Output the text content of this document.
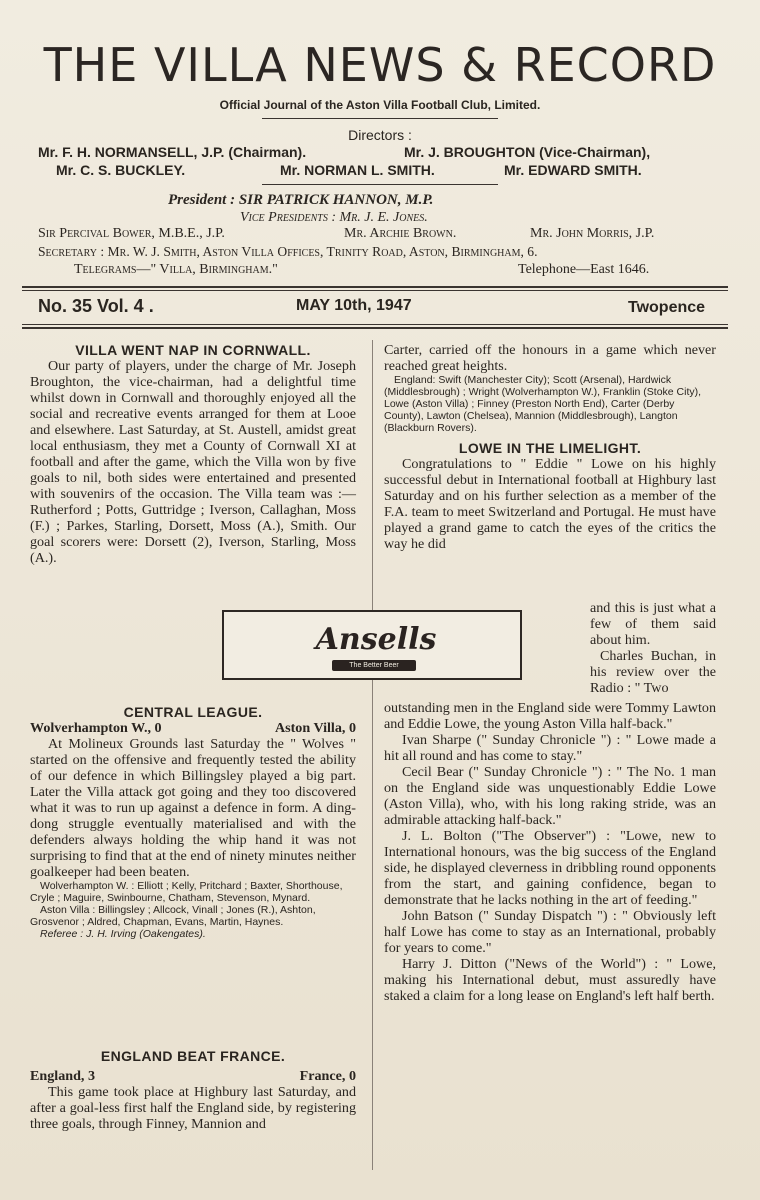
THE VILLA NEWS & RECORD
Official Journal of the Aston Villa Football Club, Limited.
Directors :
Mr. F. H. NORMANSELL, J.P. (Chairman).	Mr. J. BROUGHTON (Vice-Chairman),
Mr. C. S. BUCKLEY.	Mr. NORMAN L. SMITH.	Mr. EDWARD SMITH.
President : SIR PATRICK HANNON, M.P.
Vice Presidents : Mr. J. E. Jones.
Sir Percival Bower, M.B.E., J.P.	Mr. Archie Brown.	Mr. John Morris, J.P.
Secretary : Mr. W. J. Smith, Aston Villa Offices, Trinity Road, Aston, Birmingham, 6.
Telegrams—" Villa, Birmingham."	Telephone—East 1646.
No. 35 Vol. 4 .	MAY 10th, 1947	Twopence

VILLA WENT NAP IN CORNWALL.

Our party of players, under the charge of Mr. Joseph Broughton, the vice-chairman, had a delightful time whilst down in Cornwall and thoroughly enjoyed all the social and recreative events arranged for them at Looe and elsewhere. Last Saturday, at St. Austell, amidst great local enthusiasm, they met a County of Cornwall XI at football and after the game, which the Villa won by five goals to nil, both sides were entertained and presented with souvenirs of the occasion. The Villa team was :—Rutherford ; Potts, Guttridge ; Iverson, Callaghan, Moss (F.) ; Parkes, Starling, Dorsett, Moss (A.), Smith. Our goal scorers were: Dorsett (2), Iverson, Starling, Moss (A.).

CENTRAL LEAGUE.

Wolverhampton W., 0	Aston Villa, 0

At Molineux Grounds last Saturday the " Wolves " started on the offensive and frequently tested the ability of our defence in which Billingsley played a big part. Later the Villa attack got going and they too discovered what it was to run up against a defence in form. A ding-dong struggle eventually materialised and with the defenders always holding the whip hand it was not surprising to find that at the end of ninety minutes neither goalkeeper had been beaten.

Wolverhampton W. : Elliott ; Kelly, Pritchard ; Baxter, Shorthouse, Cryle ; Maguire, Swinbourne, Chatham, Stevenson, Mynard.

Aston Villa : Billingsley ; Allcock, Vinall ; Jones (R.), Ashton, Grosvenor ; Aldred, Chapman, Evans, Martin, Haynes.

Referee : J. H. Irving (Oakengates).

ENGLAND BEAT FRANCE.

England, 3	France, 0

This game took place at Highbury last Saturday, and after a goal-less first half the England side, by registering three goals, through Finney, Mannion and

Carter, carried off the honours in a game which never reached great heights.

England: Swift (Manchester City); Scott (Arsenal), Hardwick (Middlesbrough) ; Wright (Wolverhampton W.), Franklin (Stoke City), Lowe (Aston Villa) ; Finney (Preston North End), Carter (Derby County), Lawton (Chelsea), Mannion (Middlesbrough), Langton (Blackburn Rovers).

LOWE IN THE LIMELIGHT.

Congratulations to " Eddie " Lowe on his highly successful debut in International football at Highbury last Saturday and on his further selection as a member of the F.A. team to meet Switzerland and Portugal. He must have played a grand game to catch the eyes of the critics the way he did

and this is just what a few of them said about him.

Charles Buchan, in his review over the Radio : " Two

outstanding men in the England side were Tommy Lawton and Eddie Lowe, the young Aston Villa half-back."

Ivan Sharpe (" Sunday Chronicle ") : " Lowe made a hit all round and has come to stay."

Cecil Bear (" Sunday Chronicle ") : " The No. 1 man on the England side was unquestionably Eddie Lowe (Aston Villa), who, with his long raking stride, was an admirable attacking half-back."

J. L. Bolton ("The Observer") : "Lowe, new to International honours, was the big success of the England side, he displayed cleverness in dribbling round opponents from the start, and gaining confidence, began to demonstrate that he lacks nothing in the art of feeding."

John Batson (" Sunday Dispatch ") : " Obviously left half Lowe has come to stay as an International, probably for years to come."

Harry J. Ditton ("News of the World") : " Lowe, making his International debut, must assuredly have staked a claim for a long lease on England's left half berth.

Ansells
The Better Beer
